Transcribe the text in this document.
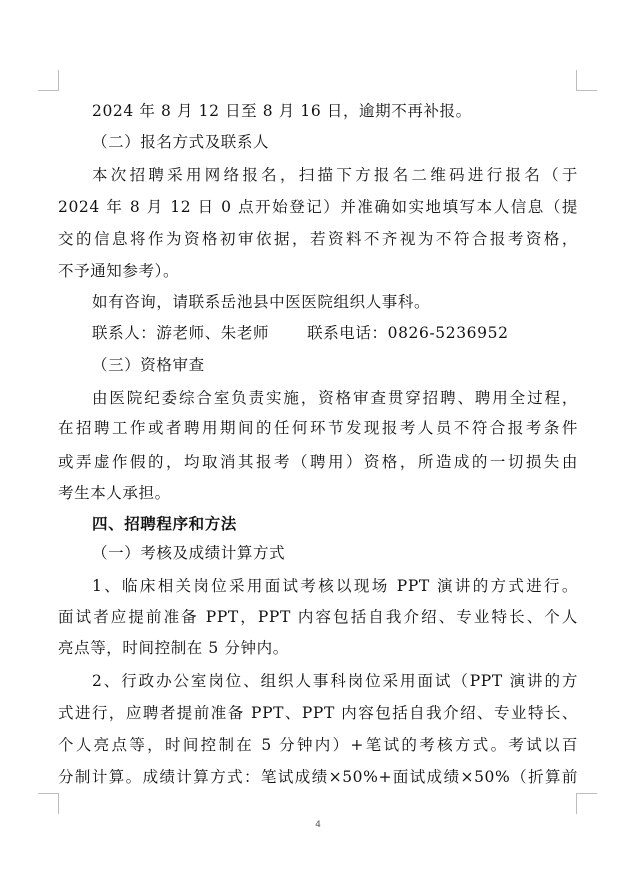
2024 年 8 月 12 日至 8 月 16 日，逾期不再补报。
（二）报名方式及联系人
本次招聘采用网络报名，扫描下方报名二维码进行报名（于
2024 年 8 月 12 日 0 点开始登记）并准确如实地填写本人信息（提
交的信息将作为资格初审依据，若资料不齐视为不符合报考资格，
不予通知参考）。
如有咨询，请联系岳池县中医医院组织人事科。
联系人：游老师、朱老师 联系电话：0826-5236952
（三）资格审查
由医院纪委综合室负责实施，资格审查贯穿招聘、聘用全过程，
在招聘工作或者聘用期间的任何环节发现报考人员不符合报考条件
或弄虚作假的，均取消其报考（聘用）资格，所造成的一切损失由
考生本人承担。
四、招聘程序和方法
（一）考核及成绩计算方式
1、临床相关岗位采用面试考核以现场 PPT 演讲的方式进行。
面试者应提前准备 PPT，PPT 内容包括自我介绍、专业特长、个人
亮点等，时间控制在 5 分钟内。
2、行政办公室岗位、组织人事科岗位采用面试（PPT 演讲的方
式进行，应聘者提前准备 PPT、PPT 内容包括自我介绍、专业特长、
个人亮点等，时间控制在 5 分钟内）+笔试的考核方式。考试以百
分制计算。成绩计算方式：笔试成绩×50%+面试成绩×50%（折算前
4
